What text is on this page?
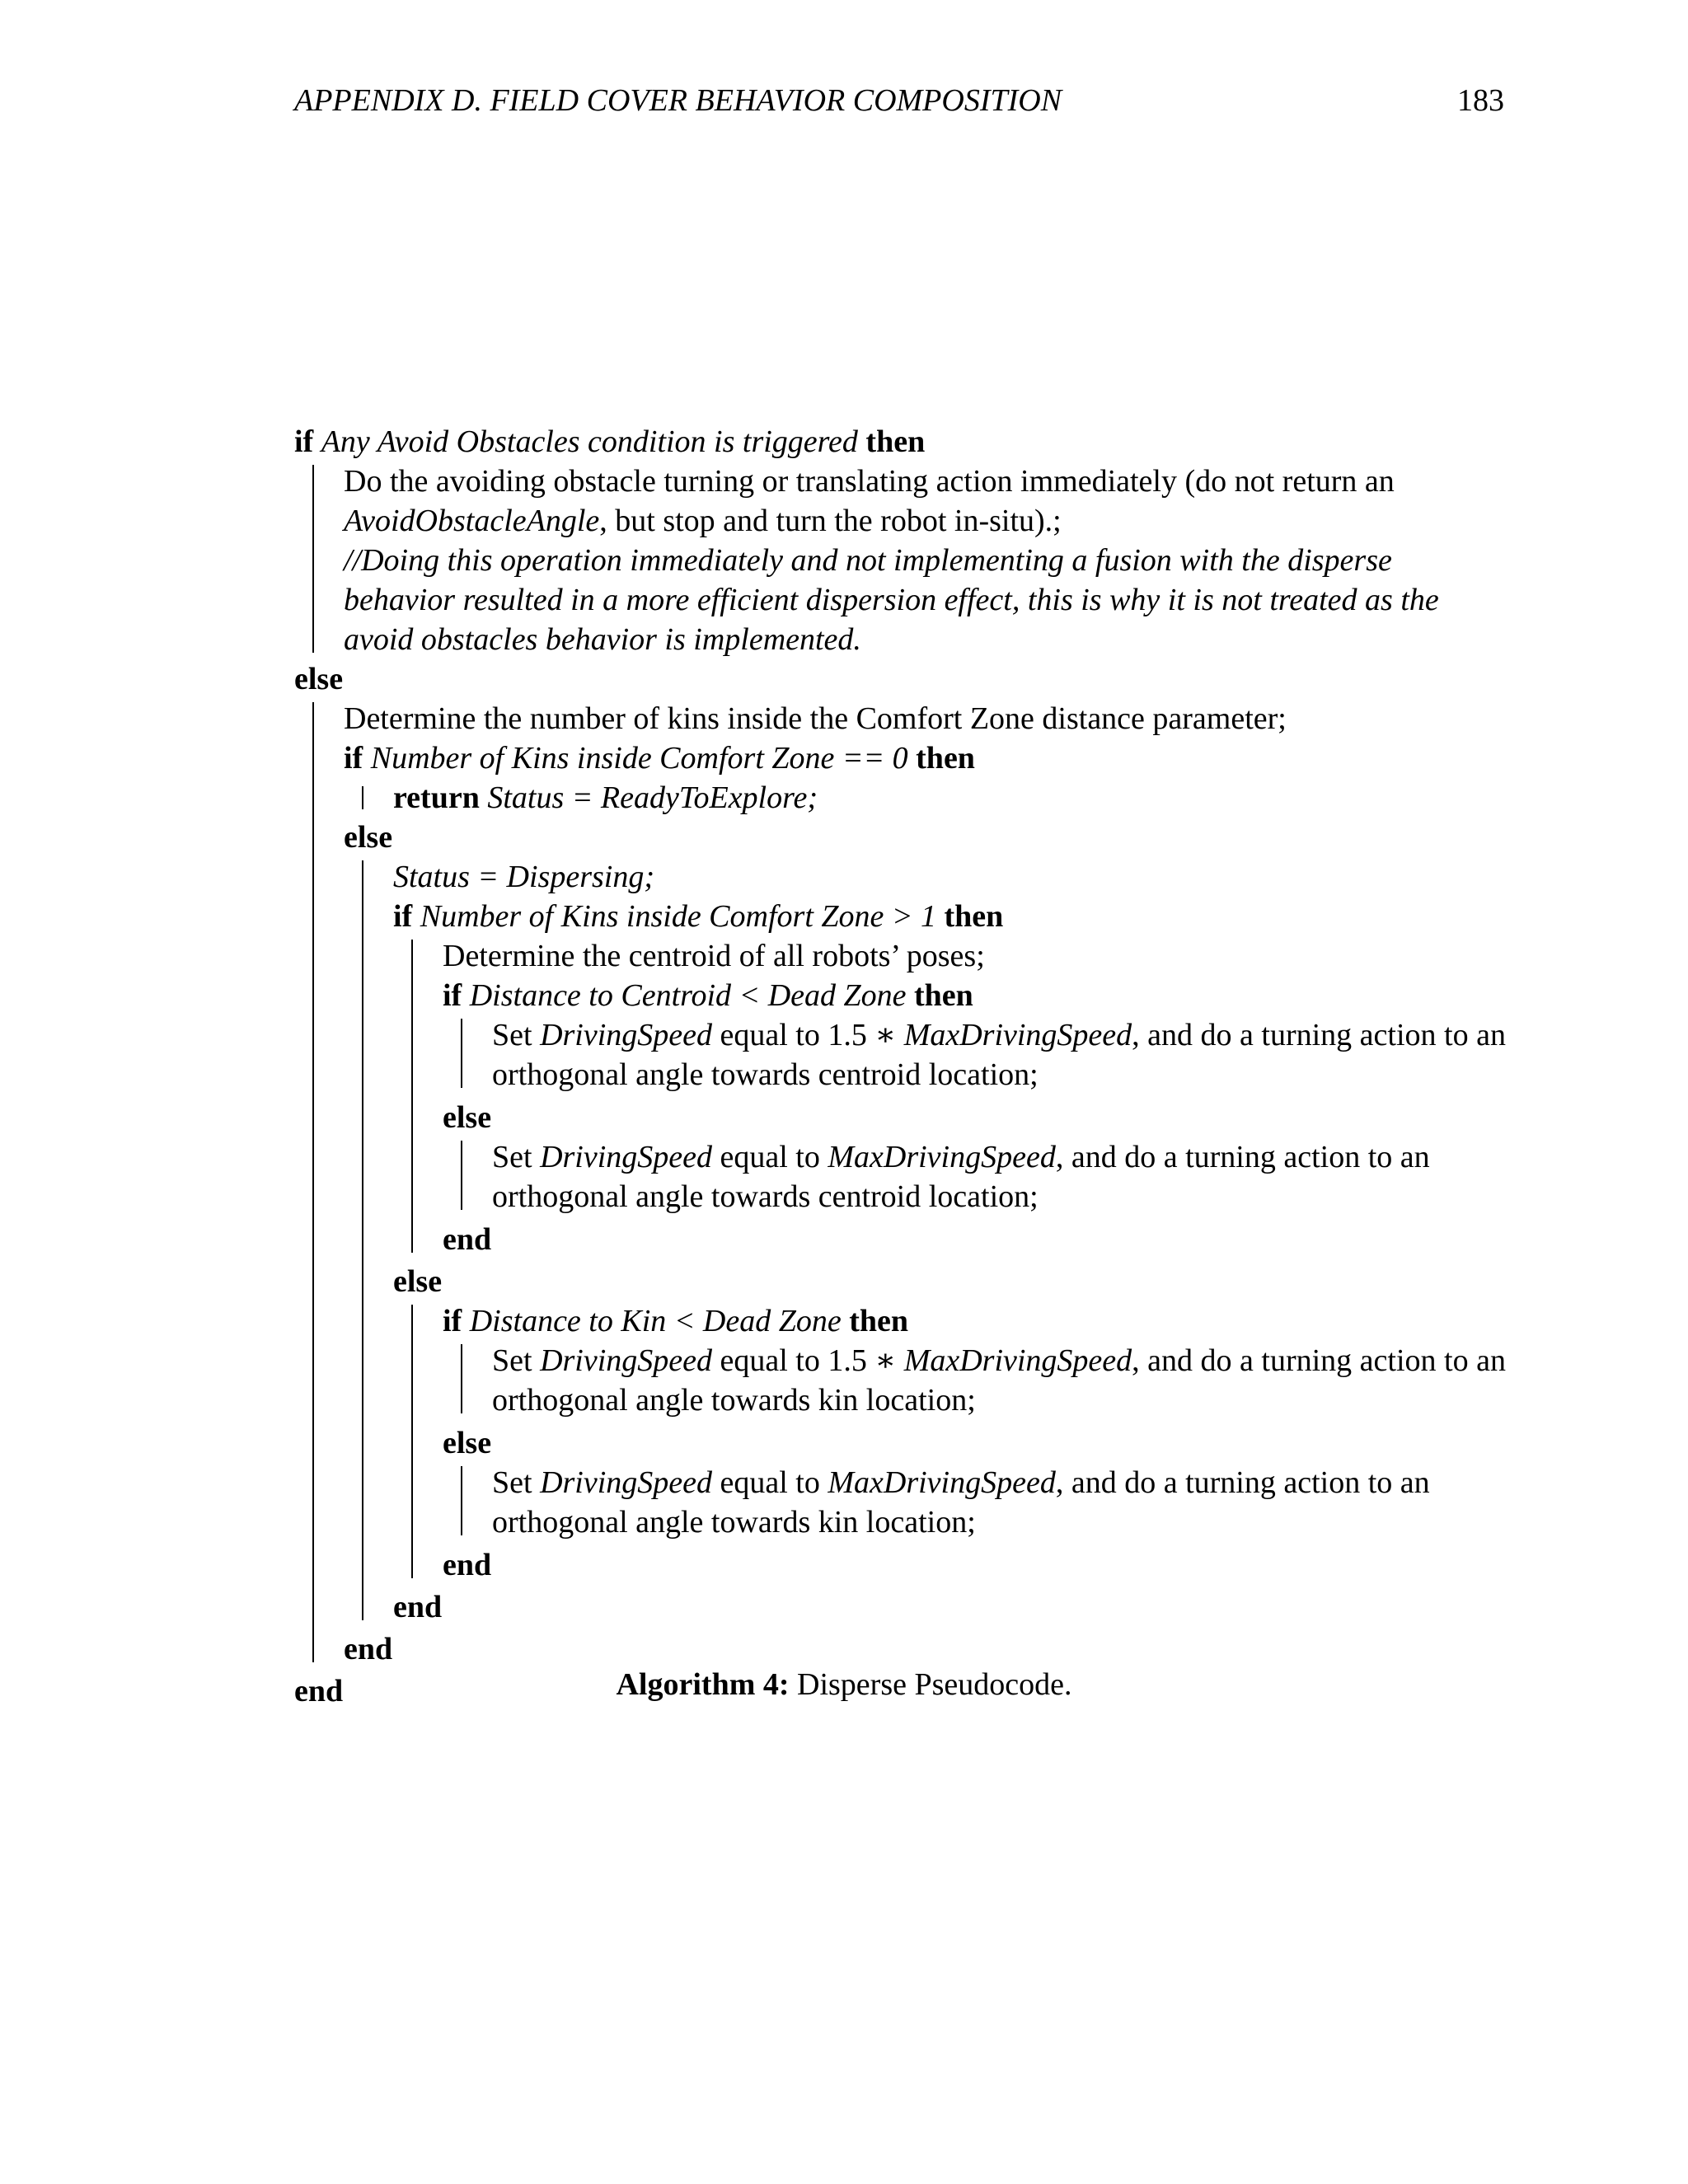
APPENDIX D. FIELD COVER BEHAVIOR COMPOSITION	183
if Any Avoid Obstacles condition is triggered then
Do the avoiding obstacle turning or translating action immediately (do not return an AvoidObstacleAngle, but stop and turn the robot in-situ).;
//Doing this operation immediately and not implementing a fusion with the disperse behavior resulted in a more efficient dispersion effect, this is why it is not treated as the avoid obstacles behavior is implemented.
else
Determine the number of kins inside the Comfort Zone distance parameter;
if Number of Kins inside Comfort Zone == 0 then
return Status = ReadyToExplore;
else
Status = Dispersing;
if Number of Kins inside Comfort Zone > 1 then
Determine the centroid of all robots’ poses;
if Distance to Centroid < Dead Zone then
Set DrivingSpeed equal to 1.5 ∗ MaxDrivingSpeed, and do a turning action to an orthogonal angle towards centroid location;
else
Set DrivingSpeed equal to MaxDrivingSpeed, and do a turning action to an orthogonal angle towards centroid location;
end
else
if Distance to Kin < Dead Zone then
Set DrivingSpeed equal to 1.5 ∗ MaxDrivingSpeed, and do a turning action to an orthogonal angle towards kin location;
else
Set DrivingSpeed equal to MaxDrivingSpeed, and do a turning action to an orthogonal angle towards kin location;
end
end
end
end	Algorithm 4: Disperse Pseudocode.
